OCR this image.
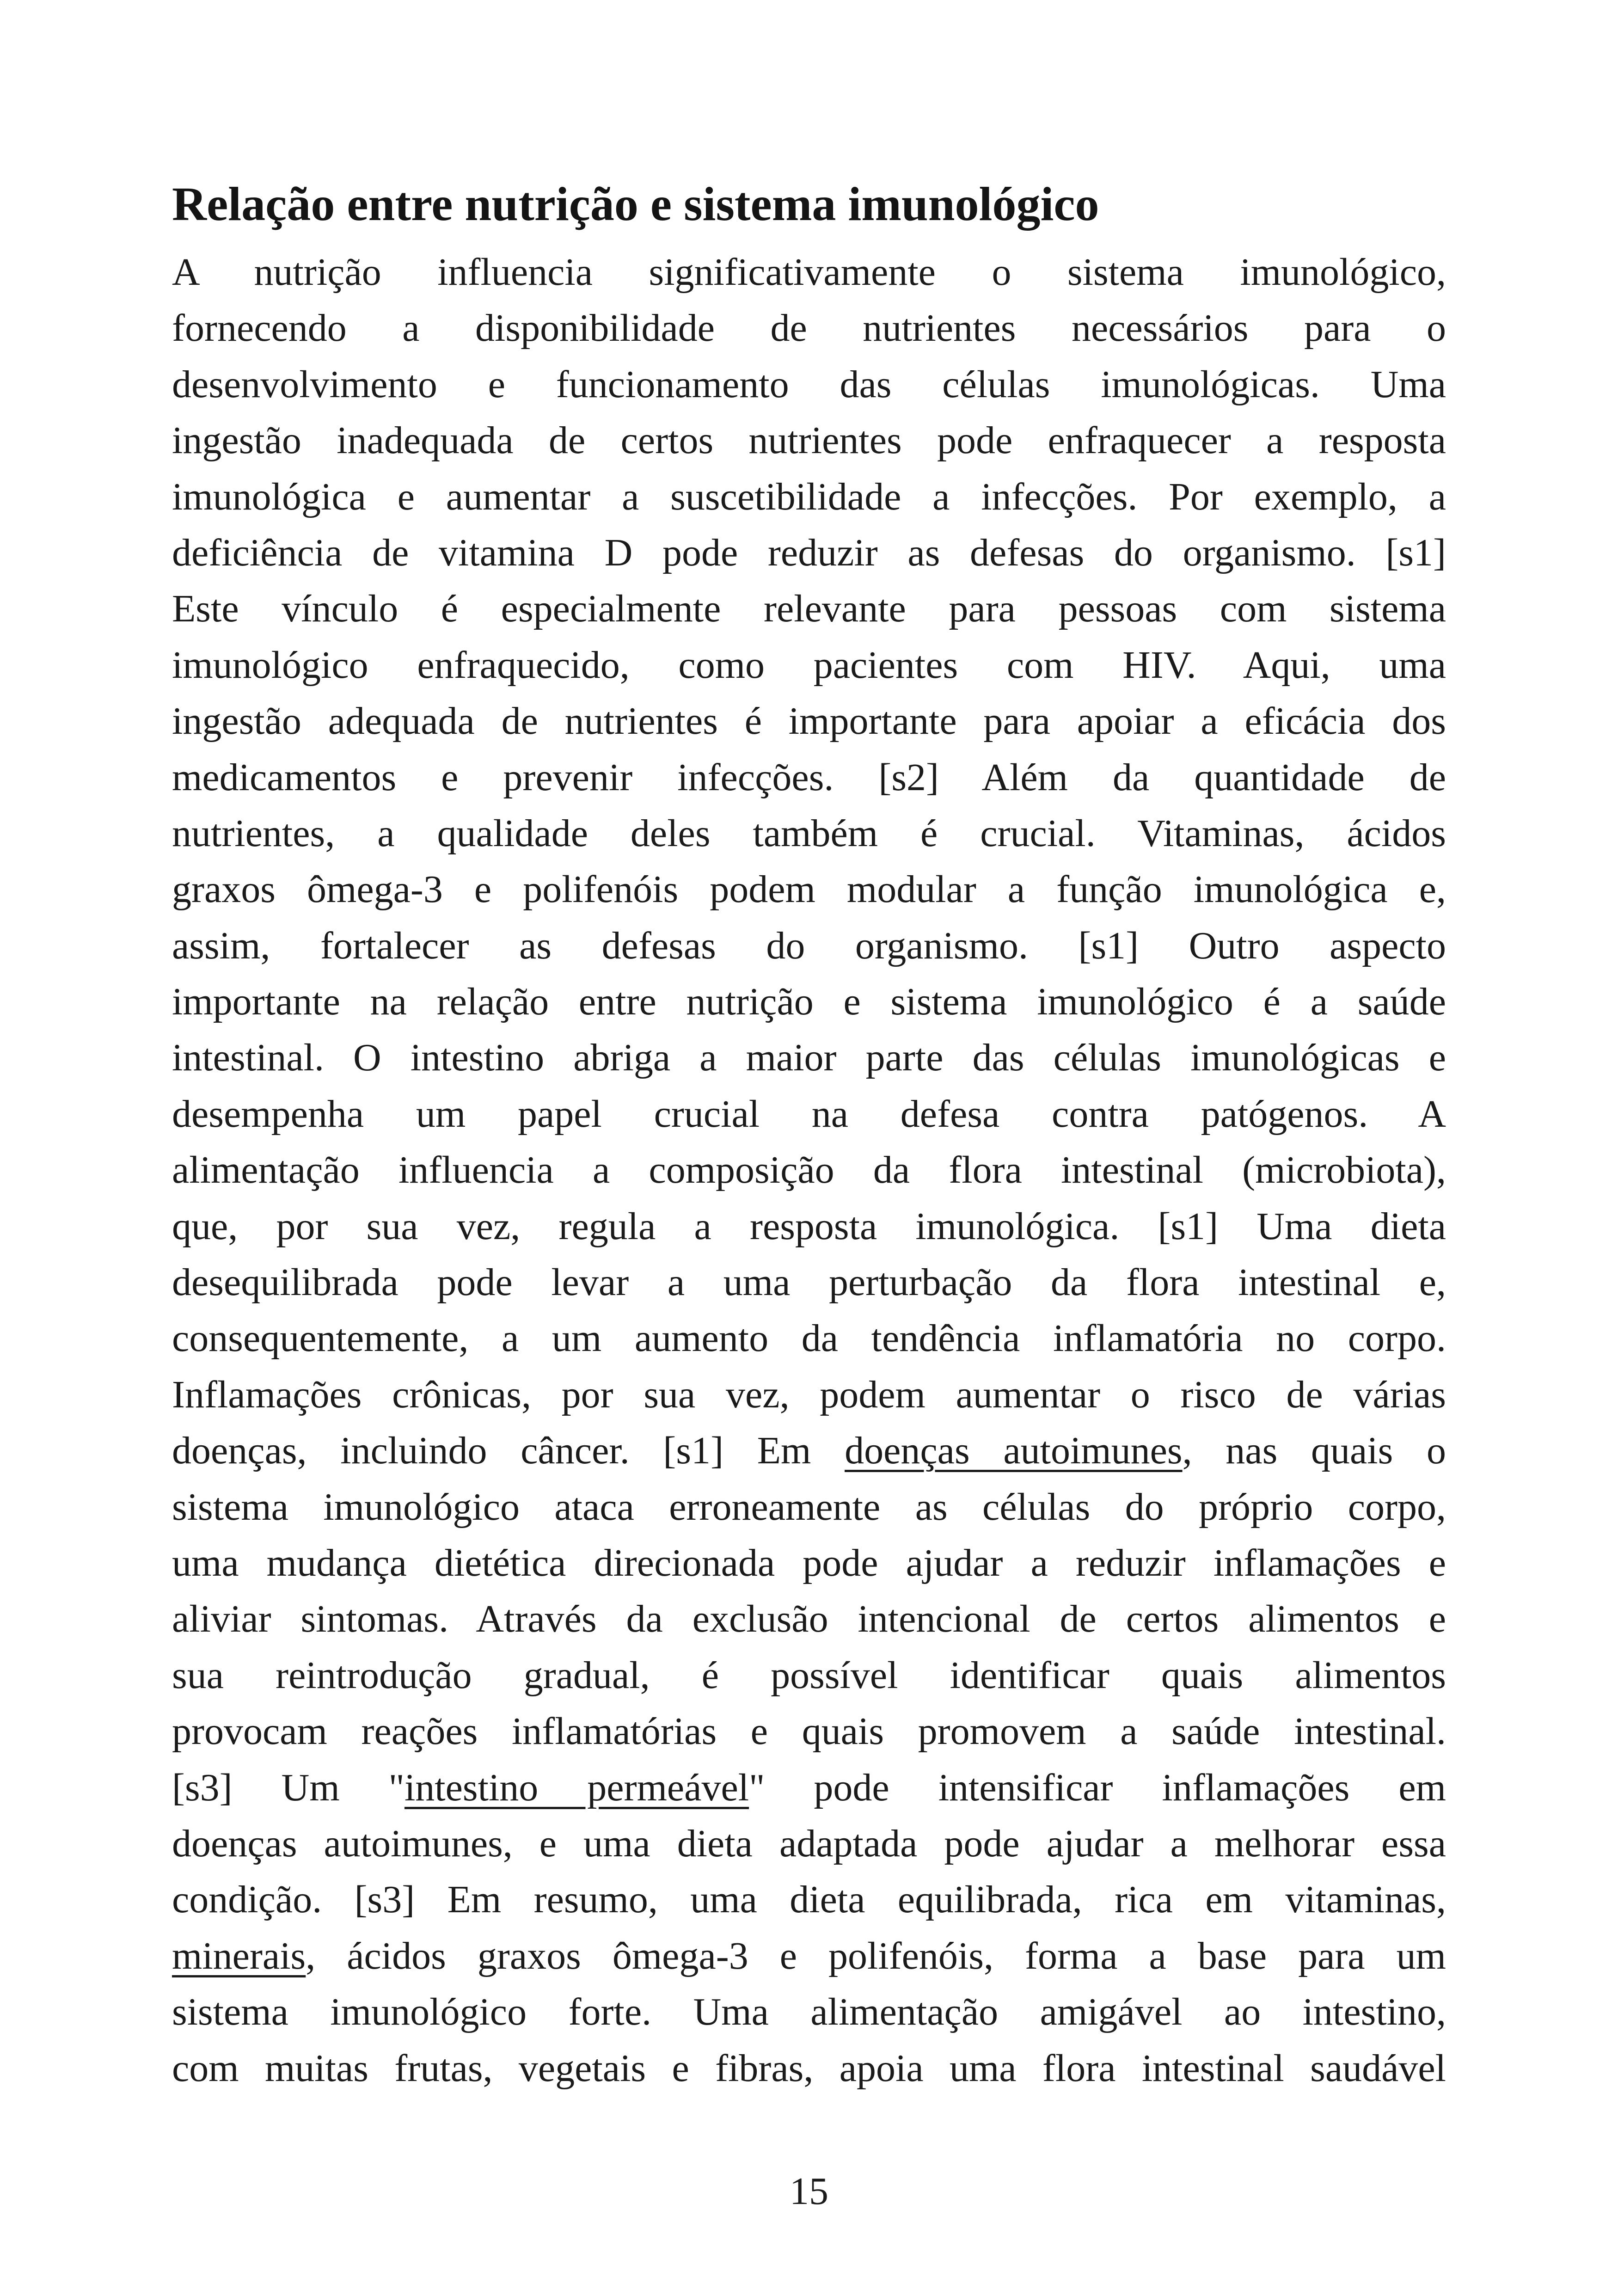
Relação entre nutrição e sistema imunológico
A nutrição influencia significativamente o sistema imunológico,
fornecendo a disponibilidade de nutrientes necessários para o
desenvolvimento e funcionamento das células imunológicas. Uma
ingestão inadequada de certos nutrientes pode enfraquecer a resposta
imunológica e aumentar a suscetibilidade a infecções. Por exemplo, a
deficiência de vitamina D pode reduzir as defesas do organismo. [s1]
Este vínculo é especialmente relevante para pessoas com sistema
imunológico enfraquecido, como pacientes com HIV. Aqui, uma
ingestão adequada de nutrientes é importante para apoiar a eficácia dos
medicamentos e prevenir infecções. [s2] Além da quantidade de
nutrientes, a qualidade deles também é crucial. Vitaminas, ácidos
graxos ômega-3 e polifenóis podem modular a função imunológica e,
assim, fortalecer as defesas do organismo. [s1] Outro aspecto
importante na relação entre nutrição e sistema imunológico é a saúde
intestinal. O intestino abriga a maior parte das células imunológicas e
desempenha um papel crucial na defesa contra patógenos. A
alimentação influencia a composição da flora intestinal (microbiota),
que, por sua vez, regula a resposta imunológica. [s1] Uma dieta
desequilibrada pode levar a uma perturbação da flora intestinal e,
consequentemente, a um aumento da tendência inflamatória no corpo.
Inflamações crônicas, por sua vez, podem aumentar o risco de várias
doenças, incluindo câncer. [s1] Em doenças autoimunes, nas quais o
sistema imunológico ataca erroneamente as células do próprio corpo,
uma mudança dietética direcionada pode ajudar a reduzir inflamações e
aliviar sintomas. Através da exclusão intencional de certos alimentos e
sua reintrodução gradual, é possível identificar quais alimentos
provocam reações inflamatórias e quais promovem a saúde intestinal.
[s3] Um "intestino permeável" pode intensificar inflamações em
doenças autoimunes, e uma dieta adaptada pode ajudar a melhorar essa
condição. [s3] Em resumo, uma dieta equilibrada, rica em vitaminas,
minerais, ácidos graxos ômega-3 e polifenóis, forma a base para um
sistema imunológico forte. Uma alimentação amigável ao intestino,
com muitas frutas, vegetais e fibras, apoia uma flora intestinal saudável
15
